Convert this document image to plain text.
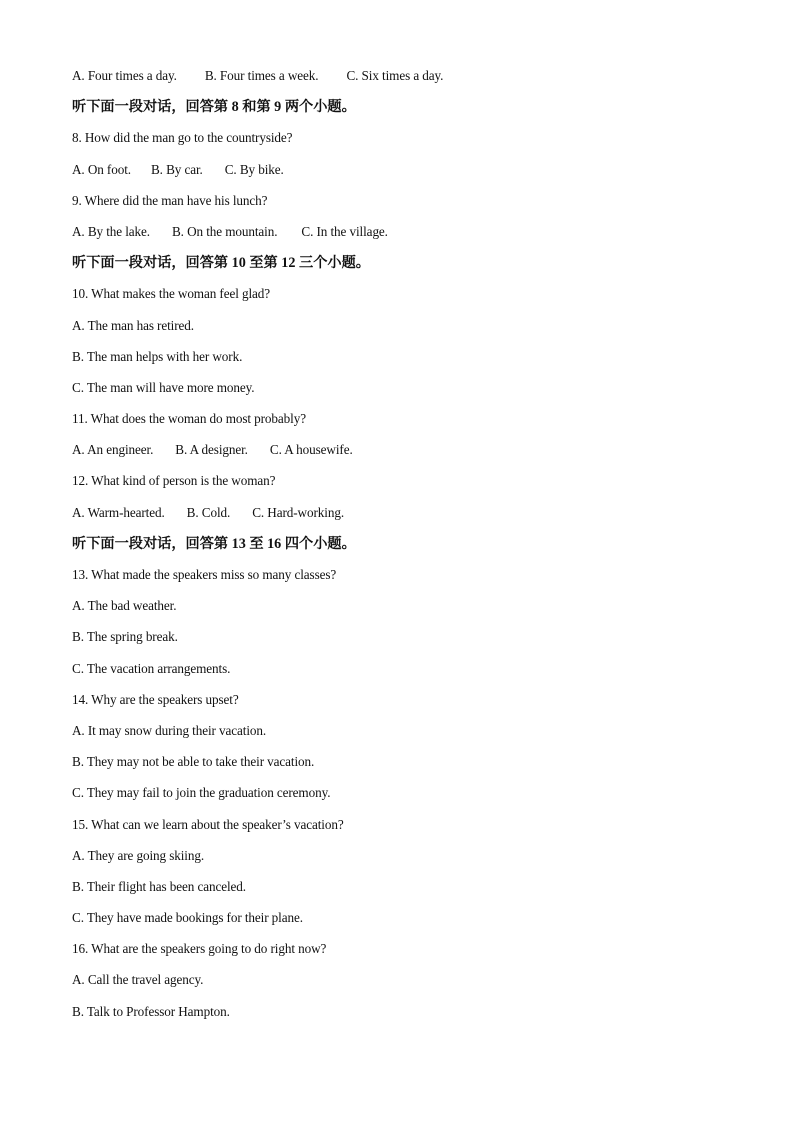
A. Four times a day. B. Four times a week. C. Six times a day.
听下面一段对话，回答第 8 和第 9 两个小题。
8. How did the man go to the countryside?
A. On foot. B. By car. C. By bike.
9. Where did the man have his lunch?
A. By the lake. B. On the mountain. C. In the village.
听下面一段对话，回答第 10 至第 12 三个小题。
10. What makes the woman feel glad?
A. The man has retired.
B. The man helps with her work.
C. The man will have more money.
11. What does the woman do most probably?
A. An engineer. B. A designer. C. A housewife.
12. What kind of person is the woman?
A. Warm-hearted. B. Cold. C. Hard-working.
听下面一段对话，回答第 13 至 16 四个小题。
13. What made the speakers miss so many classes?
A. The bad weather.
B. The spring break.
C. The vacation arrangements.
14. Why are the speakers upset?
A. It may snow during their vacation.
B. They may not be able to take their vacation.
C. They may fail to join the graduation ceremony.
15. What can we learn about the speaker’s vacation?
A. They are going skiing.
B. Their flight has been canceled.
C. They have made bookings for their plane.
16. What are the speakers going to do right now?
A. Call the travel agency.
B. Talk to Professor Hampton.
